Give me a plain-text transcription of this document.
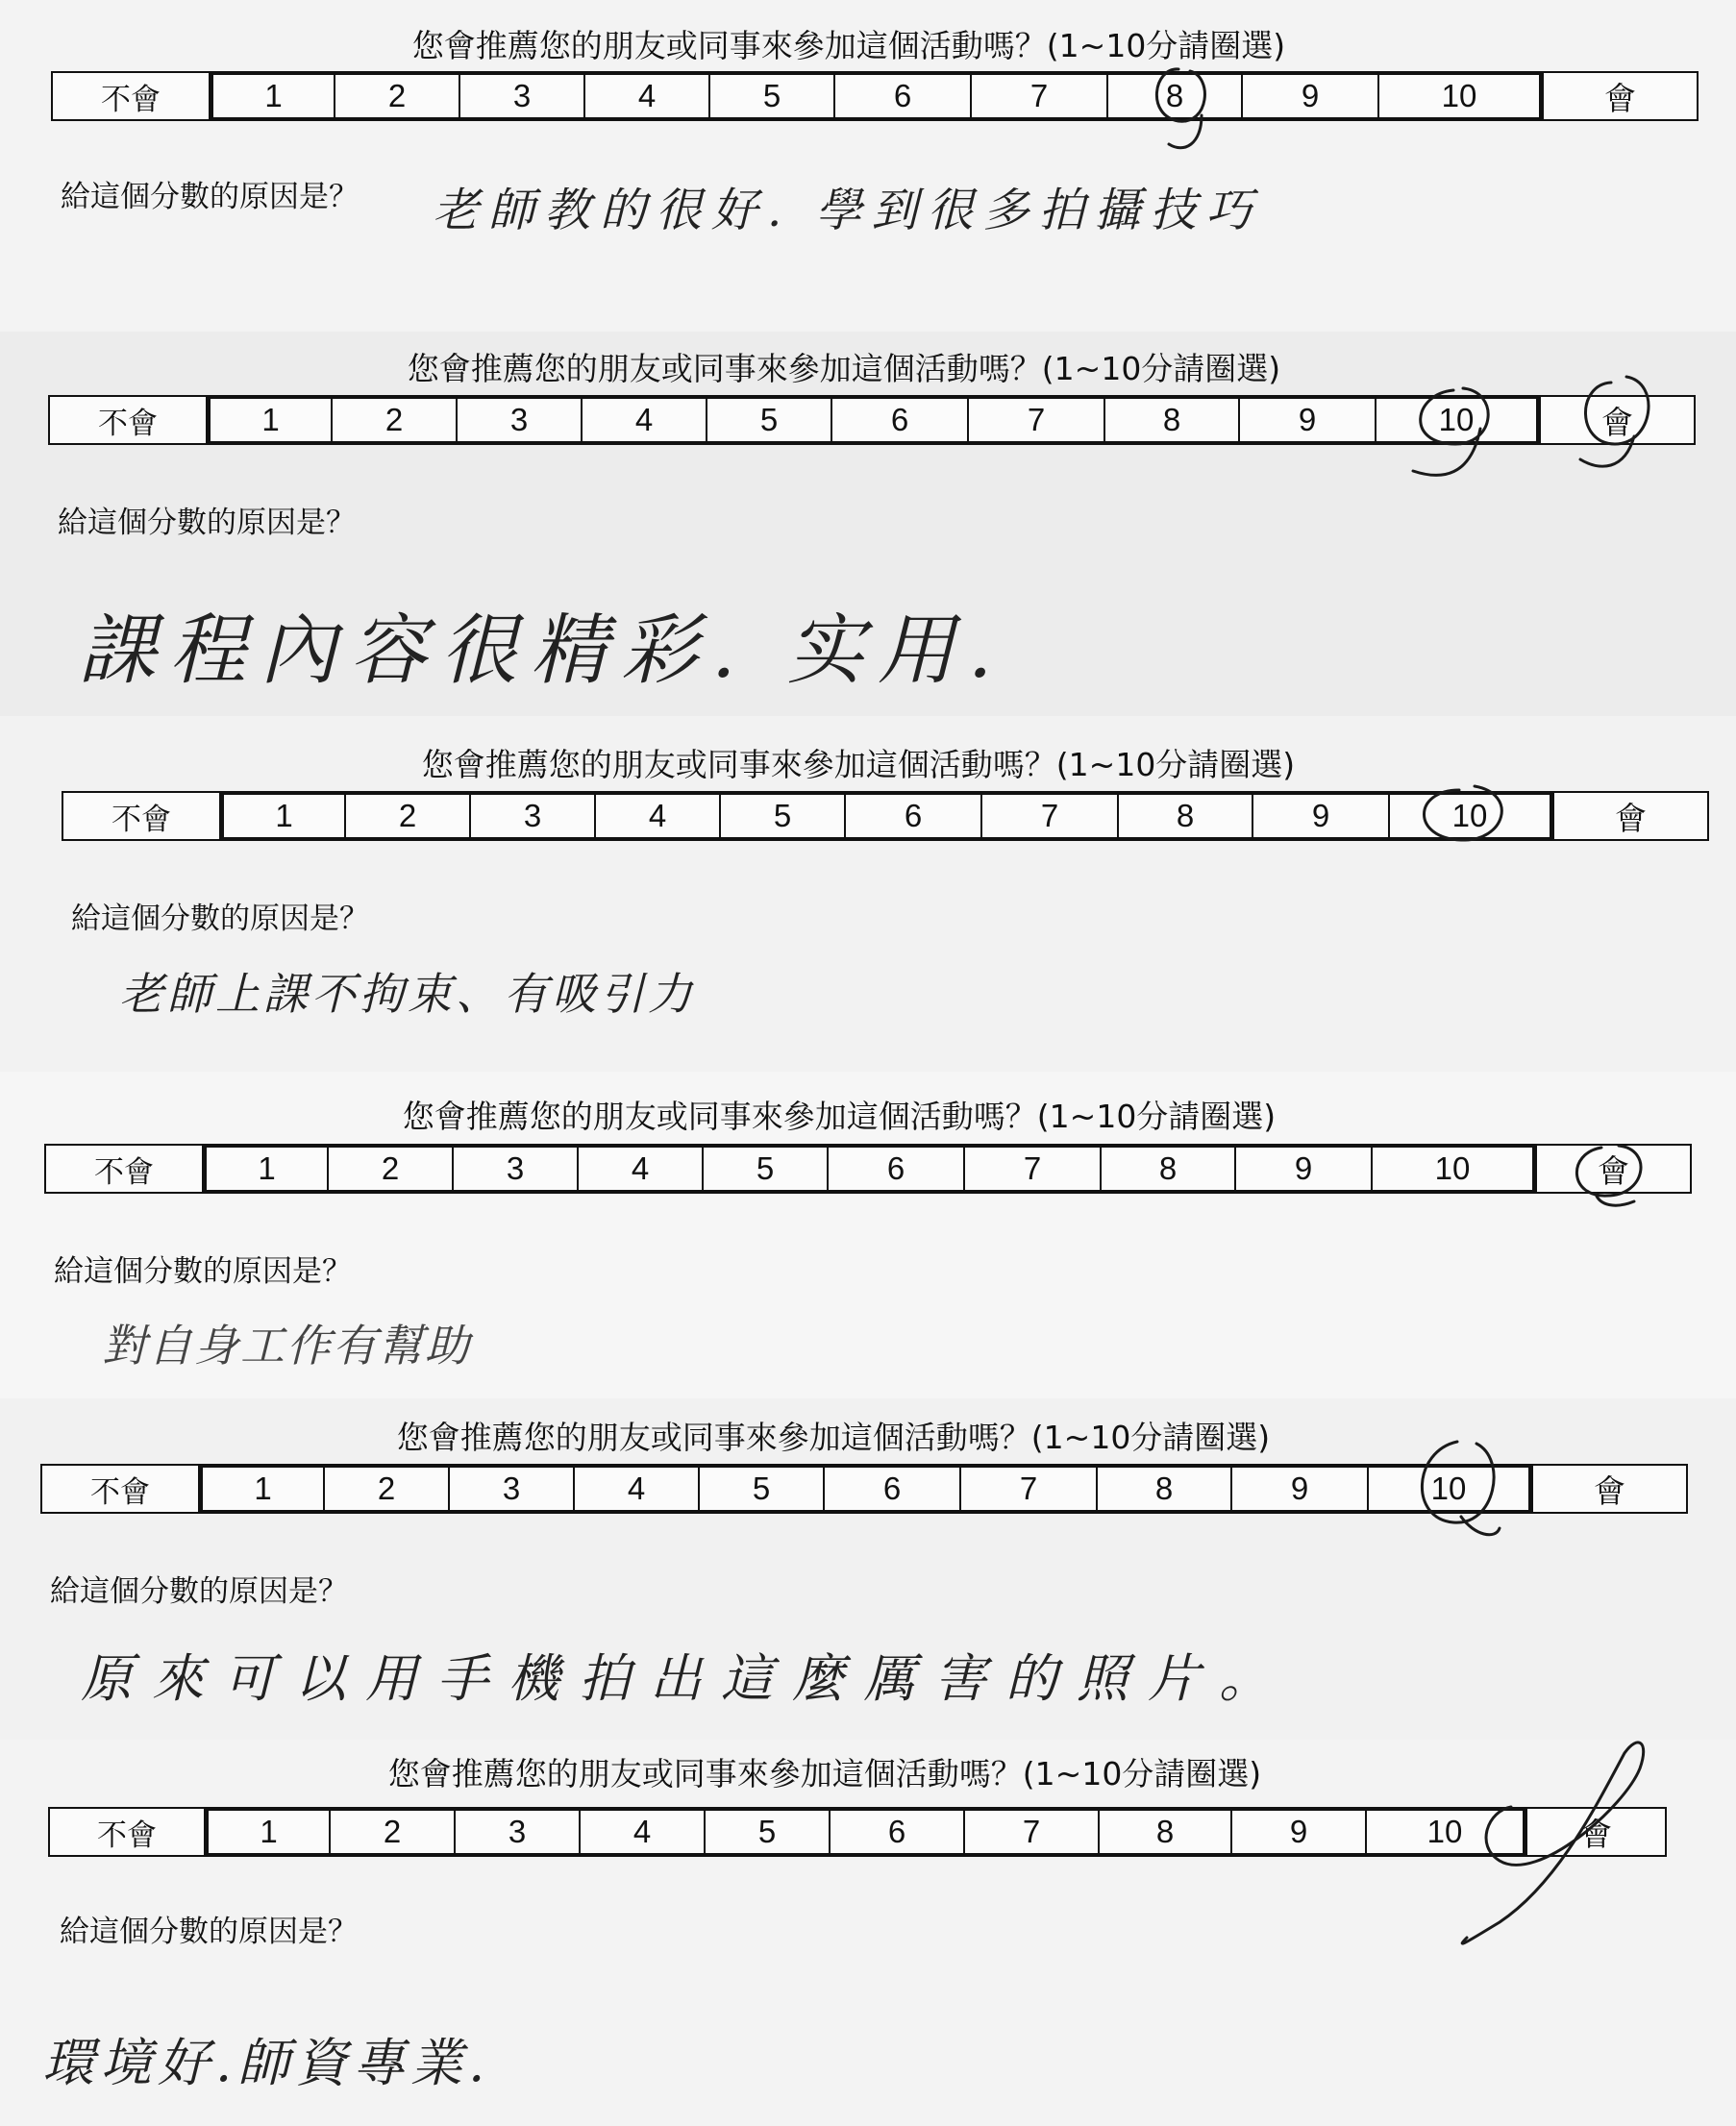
您會推薦您的朋友或同事來參加這個活動嗎？(1~10分請圈選)
不會	1	2	3	4	5	6	7	8	9	10	會
給這個分數的原因是？ 老師教的很好. 學到很多拍攝技巧
您會推薦您的朋友或同事來參加這個活動嗎？(1~10分請圈選)
不會	1	2	3	4	5	6	7	8	9	10	會
給這個分數的原因是？
課程內容很精彩. 实用.
您會推薦您的朋友或同事來參加這個活動嗎？(1~10分請圈選)
不會	1	2	3	4	5	6	7	8	9	10	會
給這個分數的原因是？
老師上課不拘束、有吸引力
您會推薦您的朋友或同事來參加這個活動嗎？(1~10分請圈選)
不會	1	2	3	4	5	6	7	8	9	10	會
給這個分數的原因是？
對自身工作有幫助
您會推薦您的朋友或同事來參加這個活動嗎？(1~10分請圈選)
不會	1	2	3	4	5	6	7	8	9	10	會
給這個分數的原因是？
原來可以用手機拍出這麼厲害的照片。
您會推薦您的朋友或同事來參加這個活動嗎？(1~10分請圈選)
不會	1	2	3	4	5	6	7	8	9	10	會
給這個分數的原因是？
環境好.師資專業.
